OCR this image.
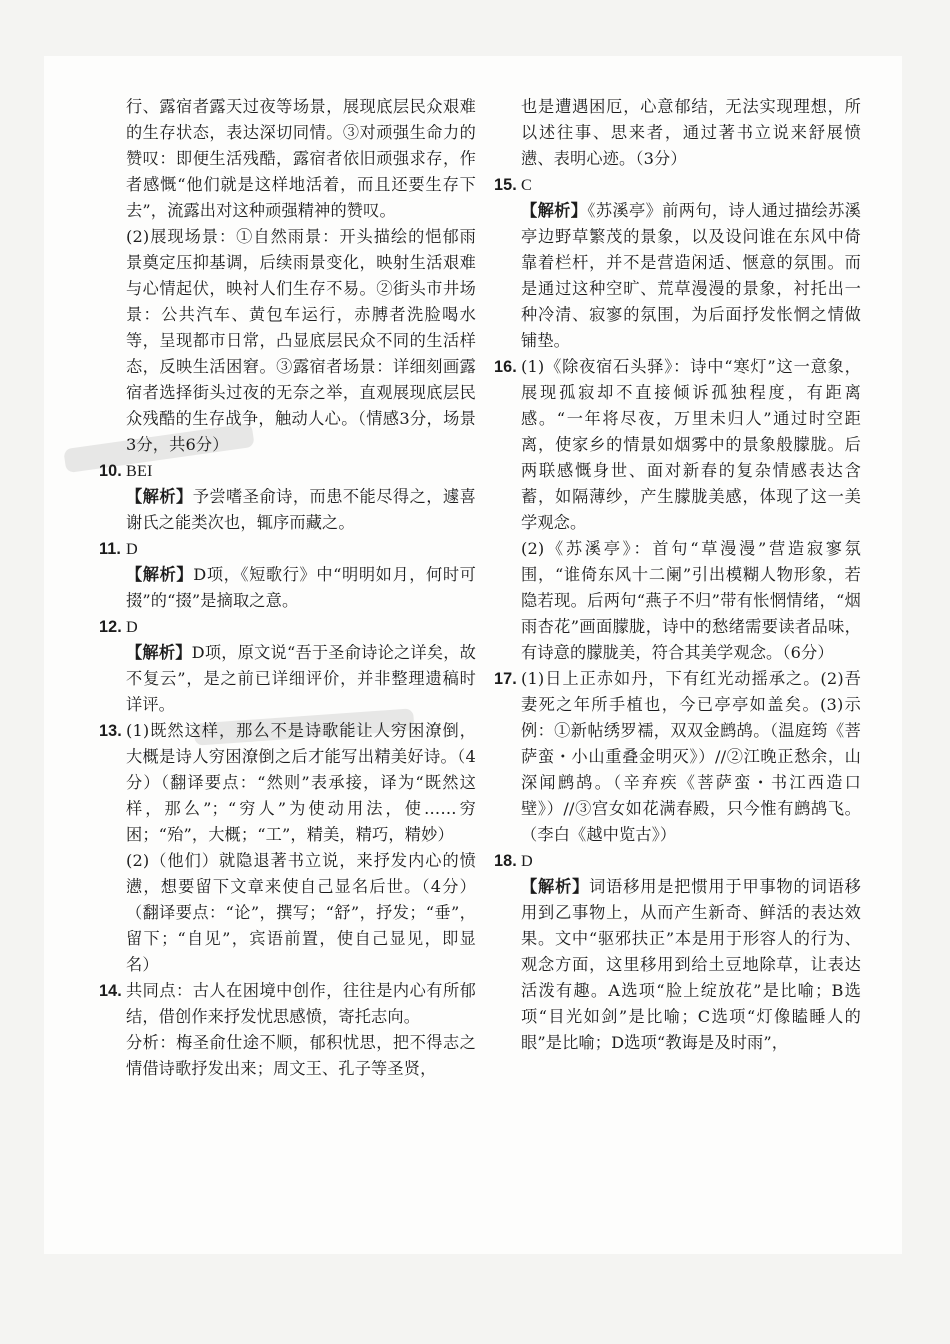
行、露宿者露天过夜等场景，展现底层民众艰难的生存状态，表达深切同情。③对顽强生命力的赞叹：即便生活残酷，露宿者依旧顽强求存，作者感慨“他们就是这样地活着，而且还要生存下去”，流露出对这种顽强精神的赞叹。

(2)展现场景：①自然雨景：开头描绘的悒郁雨景奠定压抑基调，后续雨景变化，映射生活艰难与心情起伏，映衬人们生存不易。②街头市井场景：公共汽车、黄包车运行，赤膊者洗脸喝水等，呈现都市日常，凸显底层民众不同的生活样态，反映生活困窘。③露宿者场景：详细刻画露宿者选择街头过夜的无奈之举，直观展现底层民众残酷的生存战争，触动人心。（情感3分，场景3分，共6分）

10. BEI

【解析】予尝嗜圣俞诗，而患不能尽得之，遽喜谢氏之能类次也，辄序而藏之。

11. D

【解析】D项，《短歌行》中“明明如月，何时可掇”的“掇”是摘取之意。

12. D

【解析】D项，原文说“吾于圣俞诗论之详矣，故不复云”，是之前已详细评价，并非整理遗稿时详评。

13. (1)既然这样，那么不是诗歌能让人穷困潦倒，大概是诗人穷困潦倒之后才能写出精美好诗。（4分）（翻译要点：“然则”表承接，译为“既然这样，那么”；“穷人”为使动用法，使……穷困；“殆”，大概；“工”，精美，精巧，精妙）

(2)（他们）就隐退著书立说，来抒发内心的愤懑，想要留下文章来使自己显名后世。（4分）（翻译要点：“论”，撰写；“舒”，抒发；“垂”，留下；“自见”，宾语前置，使自己显见，即显名）

14. 共同点：古人在困境中创作，往往是内心有所郁结，借创作来抒发忧思感愤，寄托志向。

分析：梅圣俞仕途不顺，郁积忧思，把不得志之情借诗歌抒发出来；周文王、孔子等圣贤，

也是遭遇困厄，心意郁结，无法实现理想，所以述往事、思来者，通过著书立说来舒展愤懑、表明心迹。（3分）

15. C

【解析】《苏溪亭》前两句，诗人通过描绘苏溪亭边野草繁茂的景象，以及设问谁在东风中倚靠着栏杆，并不是营造闲适、惬意的氛围。而是通过这种空旷、荒草漫漫的景象，衬托出一种冷清、寂寥的氛围，为后面抒发怅惘之情做铺垫。

16. (1)《除夜宿石头驿》：诗中“寒灯”这一意象，展现孤寂却不直接倾诉孤独程度，有距离感。“一年将尽夜，万里未归人”通过时空距离，使家乡的情景如烟雾中的景象般朦胧。后两联感慨身世、面对新春的复杂情感表达含蓄，如隔薄纱，产生朦胧美感，体现了这一美学观念。

(2)《苏溪亭》：首句“草漫漫”营造寂寥氛围，“谁倚东风十二阑”引出模糊人物形象，若隐若现。后两句“燕子不归”带有怅惘情绪，“烟雨杏花”画面朦胧，诗中的愁绪需要读者品味，有诗意的朦胧美，符合其美学观念。（6分）

17. (1)日上正赤如丹，下有红光动摇承之。(2)吾妻死之年所手植也，今已亭亭如盖矣。(3)示例：①新帖绣罗襦，双双金鹧鸪。（温庭筠《菩萨蛮・小山重叠金明灭》）//②江晚正愁余，山深闻鹧鸪。（辛弃疾《菩萨蛮・书江西造口壁》）//③宫女如花满春殿，只今惟有鹧鸪飞。（李白《越中览古》）

18. D

【解析】词语移用是把惯用于甲事物的词语移用到乙事物上，从而产生新奇、鲜活的表达效果。文中“驱邪扶正”本是用于形容人的行为、观念方面，这里移用到给土豆地除草，让表达活泼有趣。A选项“脸上绽放花”是比喻；B选项“目光如剑”是比喻；C选项“灯像瞌睡人的眼”是比喻；D选项“教诲是及时雨”，
